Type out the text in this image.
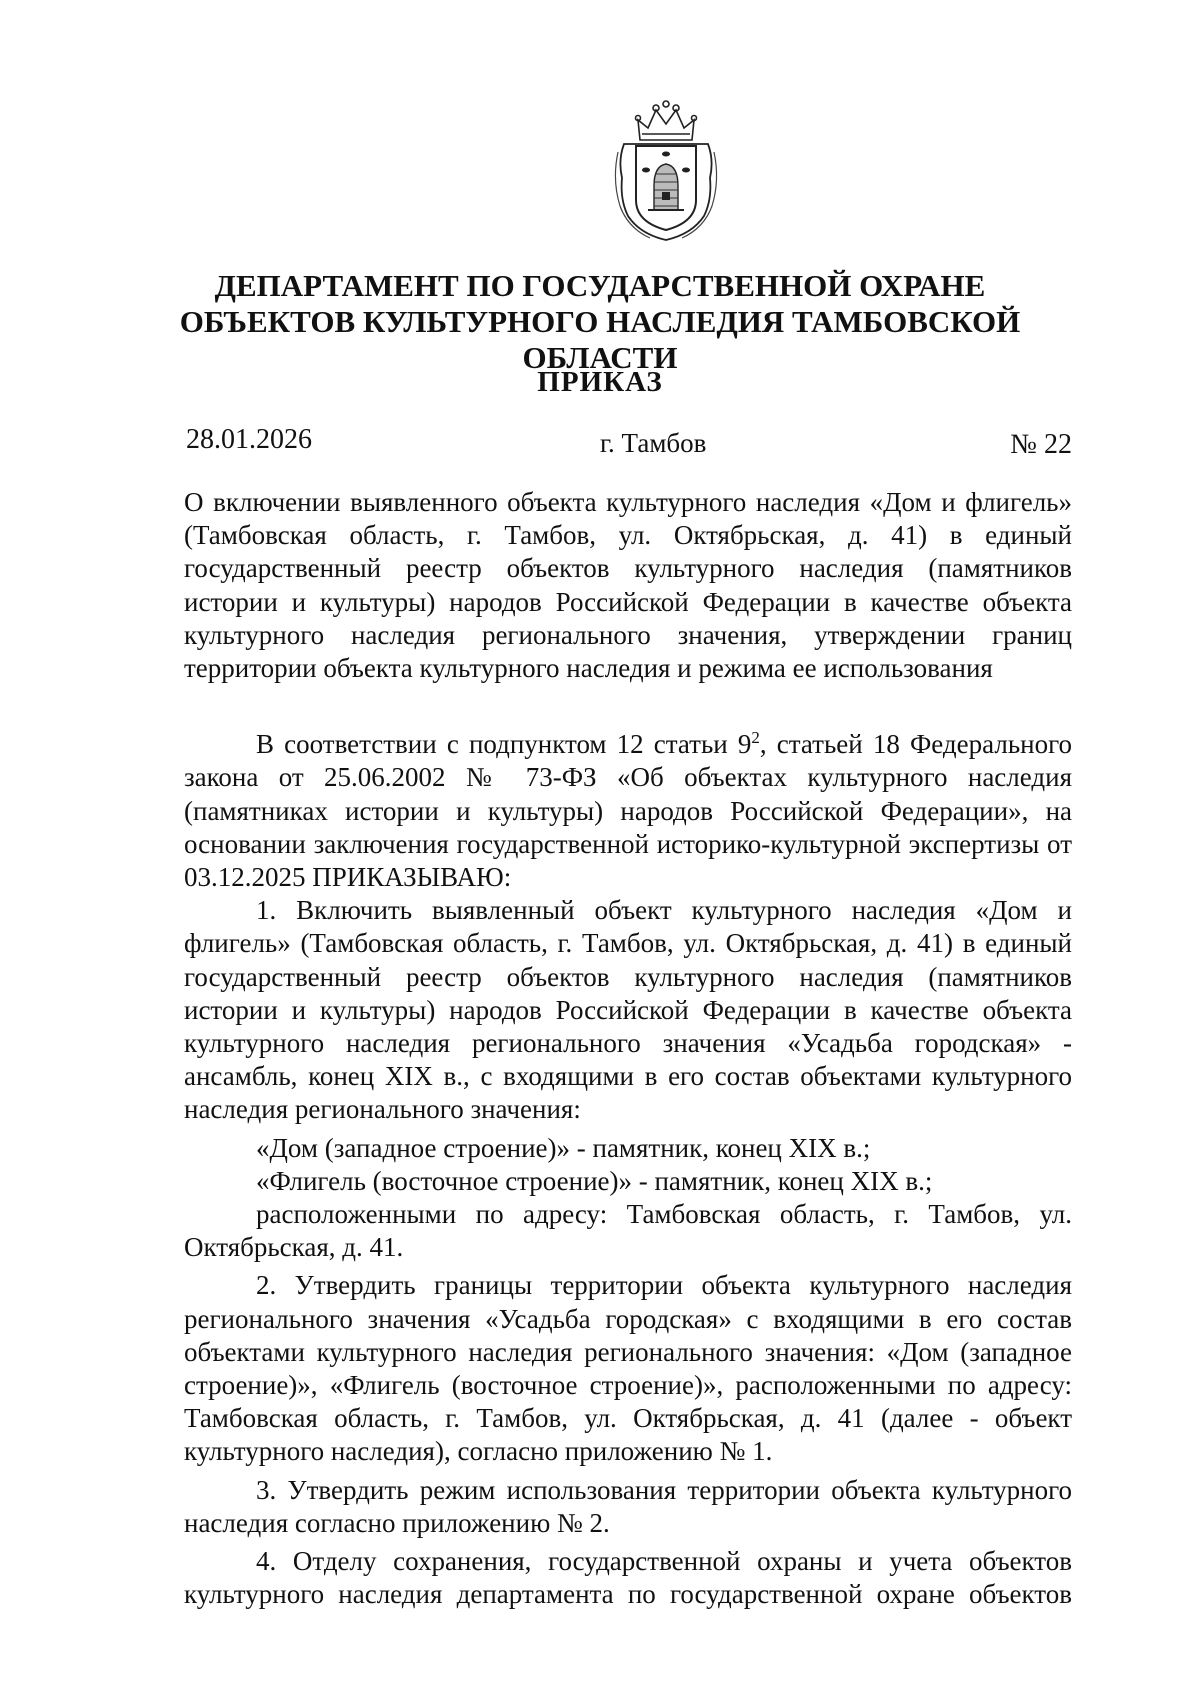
ДЕПАРТАМЕНТ ПО ГОСУДАРСТВЕННОЙ ОХРАНЕ ОБЪЕКТОВ КУЛЬТУРНОГО НАСЛЕДИЯ ТАМБОВСКОЙ ОБЛАСТИ
ПРИКАЗ
28.01.2026	г. Тамбов	№ 22

О включении выявленного объекта культурного наследия «Дом и флигель» (Тамбовская область, г. Тамбов, ул. Октябрьская, д. 41) в единый государственный реестр объектов культурного наследия (памятников истории и культуры) народов Российской Федерации в качестве объекта культурного наследия регионального значения, утверждении границ территории объекта культурного наследия и режима ее использования

В соответствии с подпунктом 12 статьи $9^2$, статьей 18 Федерального закона от 25.06.2002 № 73-ФЗ «Об объектах культурного наследия (памятниках истории и культуры) народов Российской Федерации», на основании заключения государственной историко-культурной экспертизы от 03.12.2025 ПРИКАЗЫВАЮ:

1. Включить выявленный объект культурного наследия «Дом и флигель» (Тамбовская область, г. Тамбов, ул. Октябрьская, д. 41) в единый государственный реестр объектов культурного наследия (памятников истории и культуры) народов Российской Федерации в качестве объекта культурного наследия регионального значения «Усадьба городская» - ансамбль, конец XIX в., с входящими в его состав объектами культурного наследия регионального значения:

«Дом (западное строение)» - памятник, конец XIX в.;

«Флигель (восточное строение)» - памятник, конец XIX в.;

расположенными по адресу: Тамбовская область, г. Тамбов, ул. Октябрьская, д. 41.

2. Утвердить границы территории объекта культурного наследия регионального значения «Усадьба городская» с входящими в его состав объектами культурного наследия регионального значения: «Дом (западное строение)», «Флигель (восточное строение)», расположенными по адресу: Тамбовская область, г. Тамбов, ул. Октябрьская, д. 41 (далее - объект культурного наследия), согласно приложению № 1.

3. Утвердить режим использования территории объекта культурного наследия согласно приложению № 2.

4. Отделу сохранения, государственной охраны и учета объектов культурного наследия департамента по государственной охране объектов
